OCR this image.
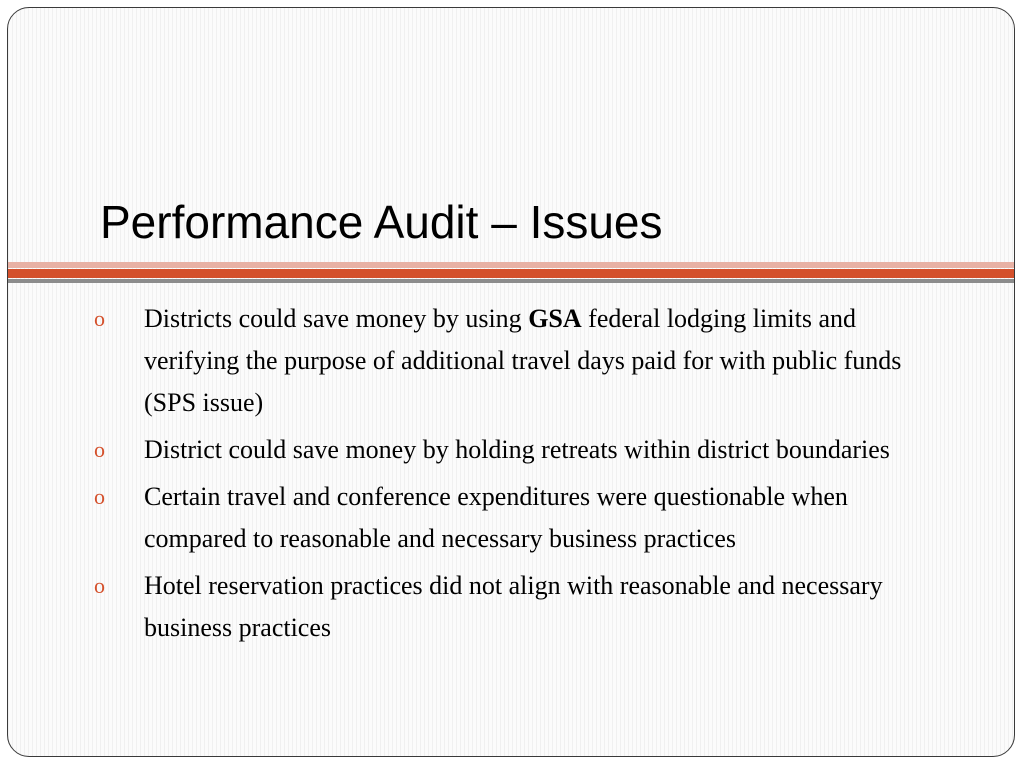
Performance Audit – Issues
o Districts could save money by using GSA federal lodging limits and verifying the purpose of additional travel days paid for with public funds (SPS issue)
o District could save money by holding retreats within district boundaries
o Certain travel and conference expenditures were questionable when compared to reasonable and necessary business practices
o Hotel reservation practices did not align with reasonable and necessary business practices
